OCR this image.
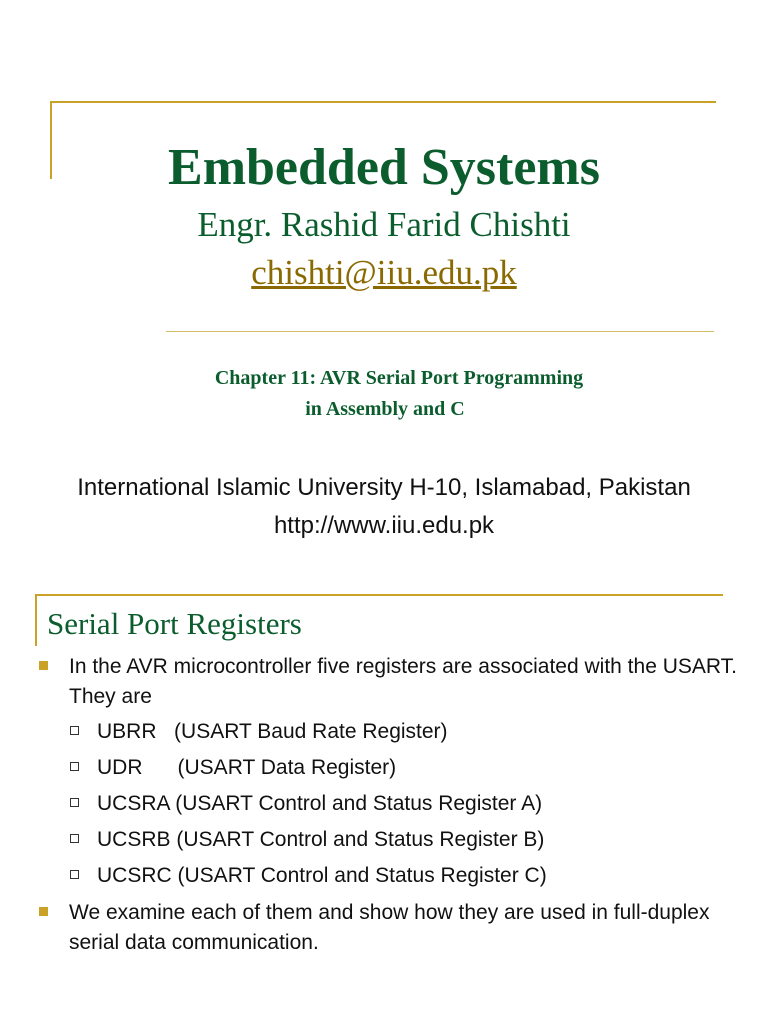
Embedded Systems
Engr. Rashid Farid Chishti
chishti@iiu.edu.pk
Chapter 11: AVR Serial Port Programming
in Assembly and C
International Islamic University H-10, Islamabad, Pakistan
http://www.iiu.edu.pk
Serial Port Registers
In the AVR microcontroller five registers are associated with the USART. They are
UBRR (USART Baud Rate Register)
UDR (USART Data Register)
UCSRA (USART Control and Status Register A)
UCSRB (USART Control and Status Register B)
UCSRC (USART Control and Status Register C)
We examine each of them and show how they are used in full-duplex serial data communication.
